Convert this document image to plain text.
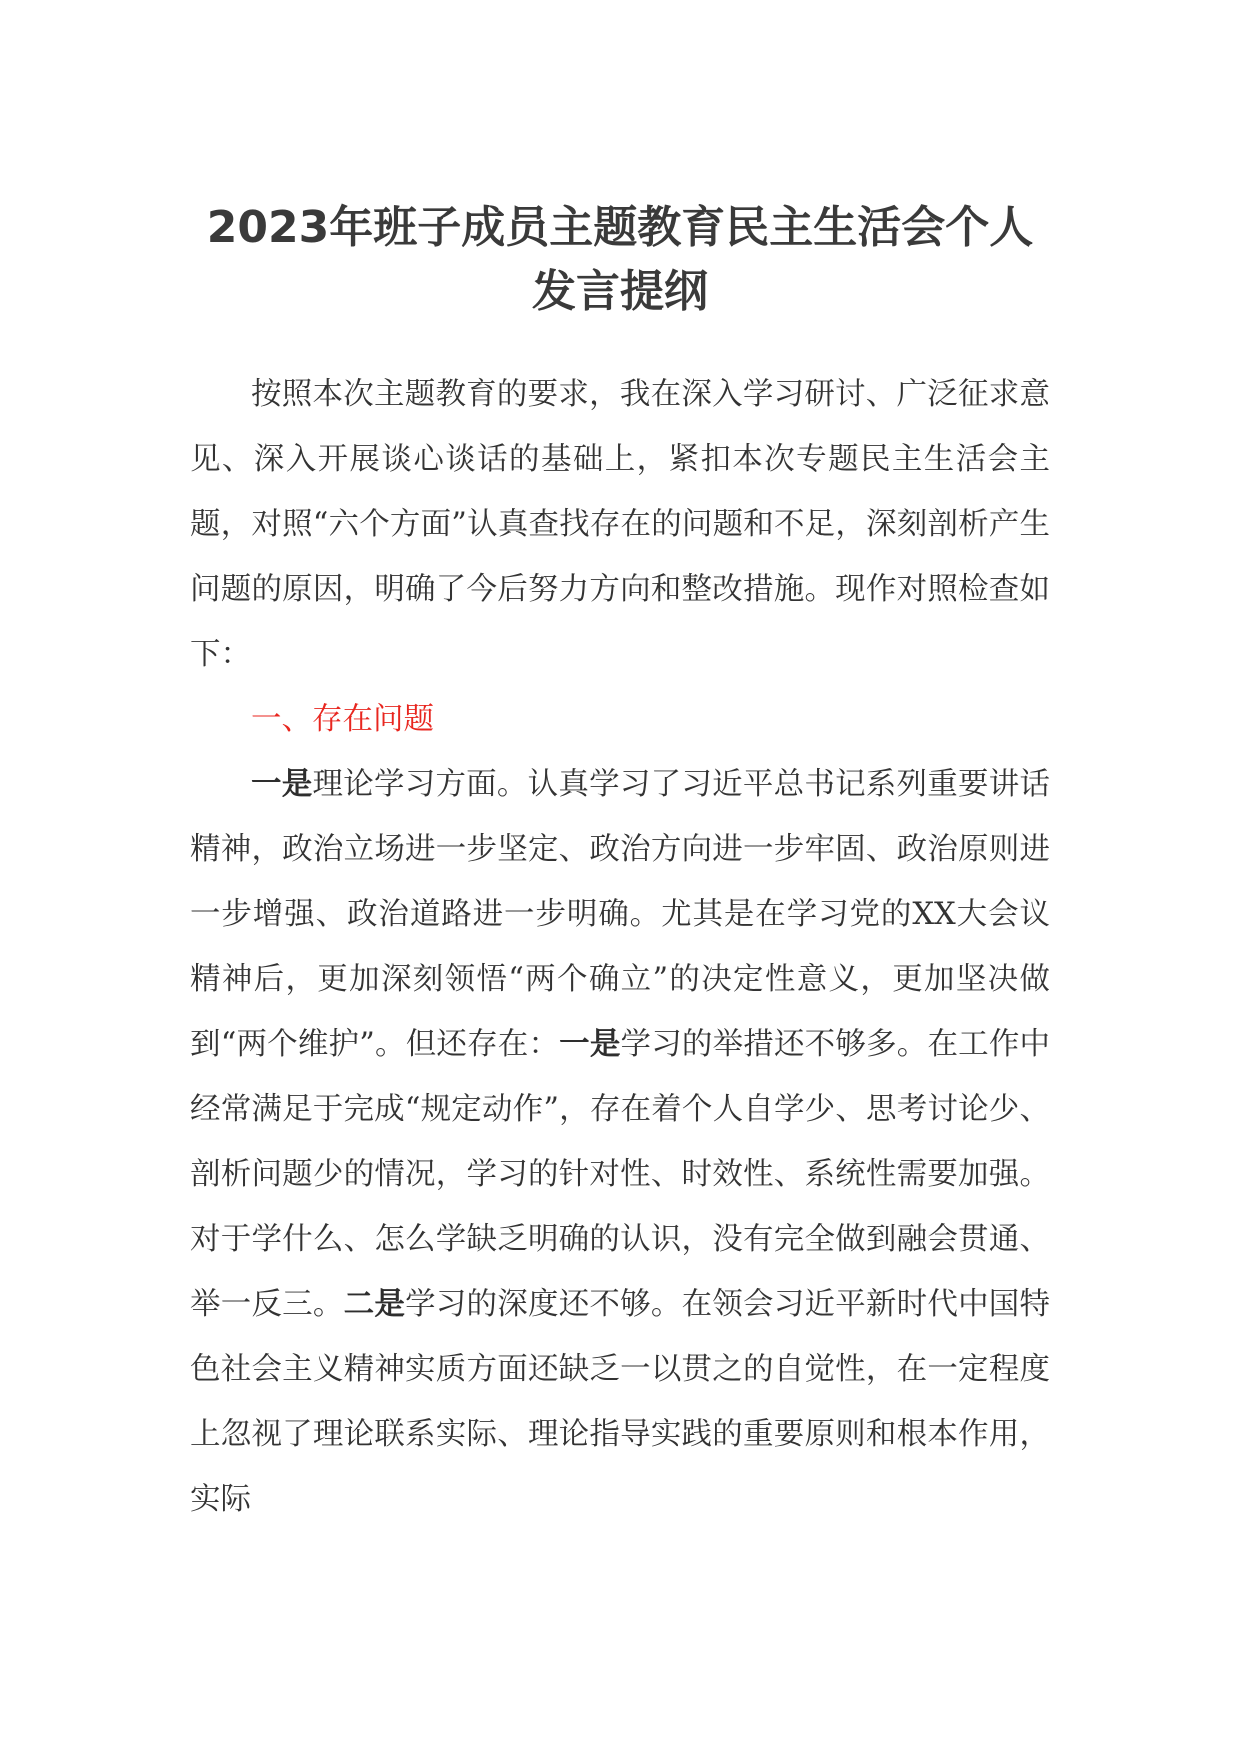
2023年班子成员主题教育民主生活会个人
发言提纲

按照本次主题教育的要求，我在深入学习研讨、广泛征求意见、深入开展谈心谈话的基础上，紧扣本次专题民主生活会主题，对照“六个方面”认真查找存在的问题和不足，深刻剖析产生问题的原因，明确了今后努力方向和整改措施。现作对照检查如下：

一、存在问题

一是理论学习方面。认真学习了习近平总书记系列重要讲话精神，政治立场进一步坚定、政治方向进一步牢固、政治原则进一步增强、政治道路进一步明确。尤其是在学习党的XX大会议精神后，更加深刻领悟“两个确立”的决定性意义，更加坚决做到“两个维护”。但还存在：一是学习的举措还不够多。在工作中经常满足于完成“规定动作”，存在着个人自学少、思考讨论少、剖析问题少的情况，学习的针对性、时效性、系统性需要加强。对于学什么、怎么学缺乏明确的认识，没有完全做到融会贯通、举一反三。二是学习的深度还不够。在领会习近平新时代中国特色社会主义精神实质方面还缺乏一以贯之的自觉性，在一定程度上忽视了理论联系实际、理论指导实践的重要原则和根本作用，实际
